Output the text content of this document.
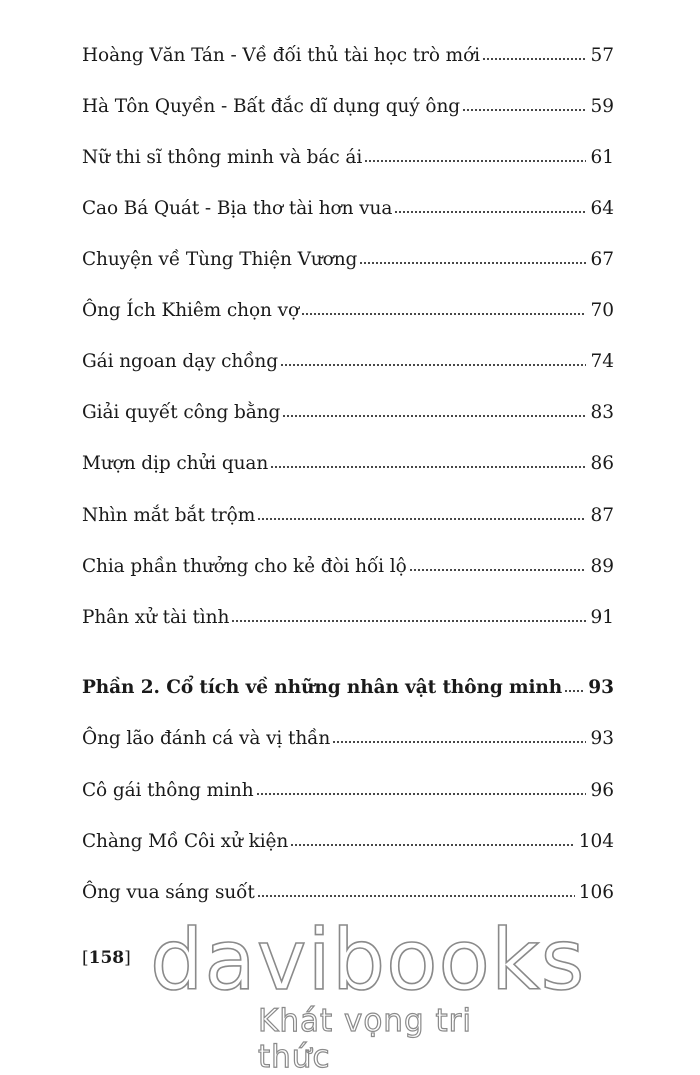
Hoàng Văn Tán - Về đối thủ tài học trò mới	57
Hà Tôn Quyền - Bất đắc dĩ dụng quý ông	59
Nữ thi sĩ thông minh và bác ái	61
Cao Bá Quát - Bịa thơ tài hơn vua	64
Chuyện về Tùng Thiện Vương	67
Ông Ích Khiêm chọn vợ	70
Gái ngoan dạy chồng	74
Giải quyết công bằng	83
Mượn dịp chửi quan	86
Nhìn mắt bắt trộm	87
Chia phần thưởng cho kẻ đòi hối lộ	89
Phân xử tài tình	91
Phần 2. Cổ tích về những nhân vật thông minh 93
Ông lão đánh cá và vị thần	93
Cô gái thông minh	96
Chàng Mồ Côi xử kiện	104
Ông vua sáng suốt	106
[158] davibooks
Khát vọng tri thức
